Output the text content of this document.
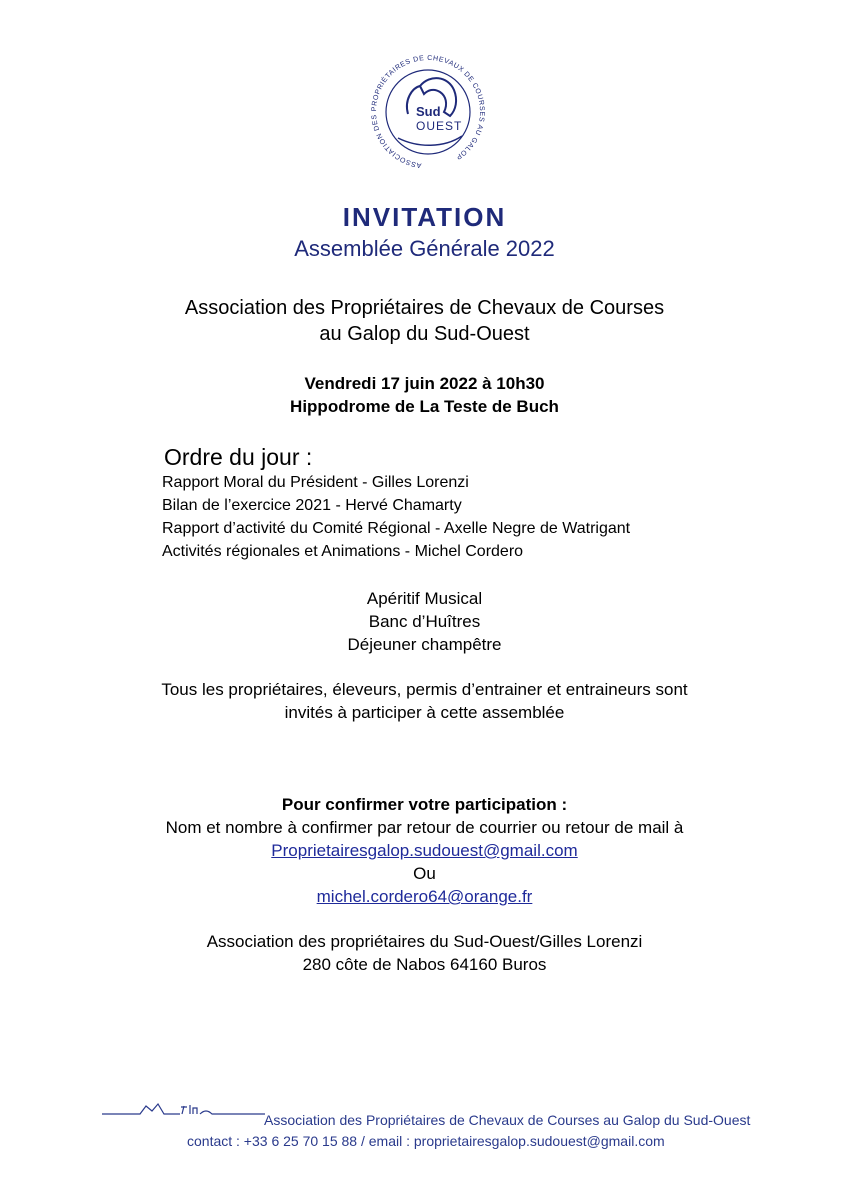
ASSOCIATION DES PROPRIÉTAIRES DE CHEVAUX DE COURSES AU GALOP
Sud
OUEST
INVITATION
Assemblée Générale 2022
Association des Propriétaires de Chevaux de Courses
au Galop du Sud-Ouest
Vendredi 17 juin 2022 à 10h30
Hippodrome de La Teste de Buch
Ordre du jour :
Rapport Moral du Président - Gilles Lorenzi
Bilan de l’exercice 2021 - Hervé Chamarty
Rapport d’activité du Comité Régional - Axelle Negre de Watrigant
Activités régionales et Animations - Michel Cordero
Apéritif Musical
Banc d’Huîtres
Déjeuner champêtre
Tous les propriétaires, éleveurs, permis d’entrainer et entraineurs sont
invités à participer à cette assemblée
Pour confirmer votre participation :
Nom et nombre à confirmer par retour de courrier ou retour de mail à
Proprietairesgalop.sudouest@gmail.com
Ou
michel.cordero64@orange.fr
Association des propriétaires du Sud-Ouest/Gilles Lorenzi
280 côte de Nabos 64160 Buros
Association des Propriétaires de Chevaux de Courses au Galop du Sud-Ouest
contact : +33 6 25 70 15 88 / email : proprietairesgalop.sudouest@gmail.com
